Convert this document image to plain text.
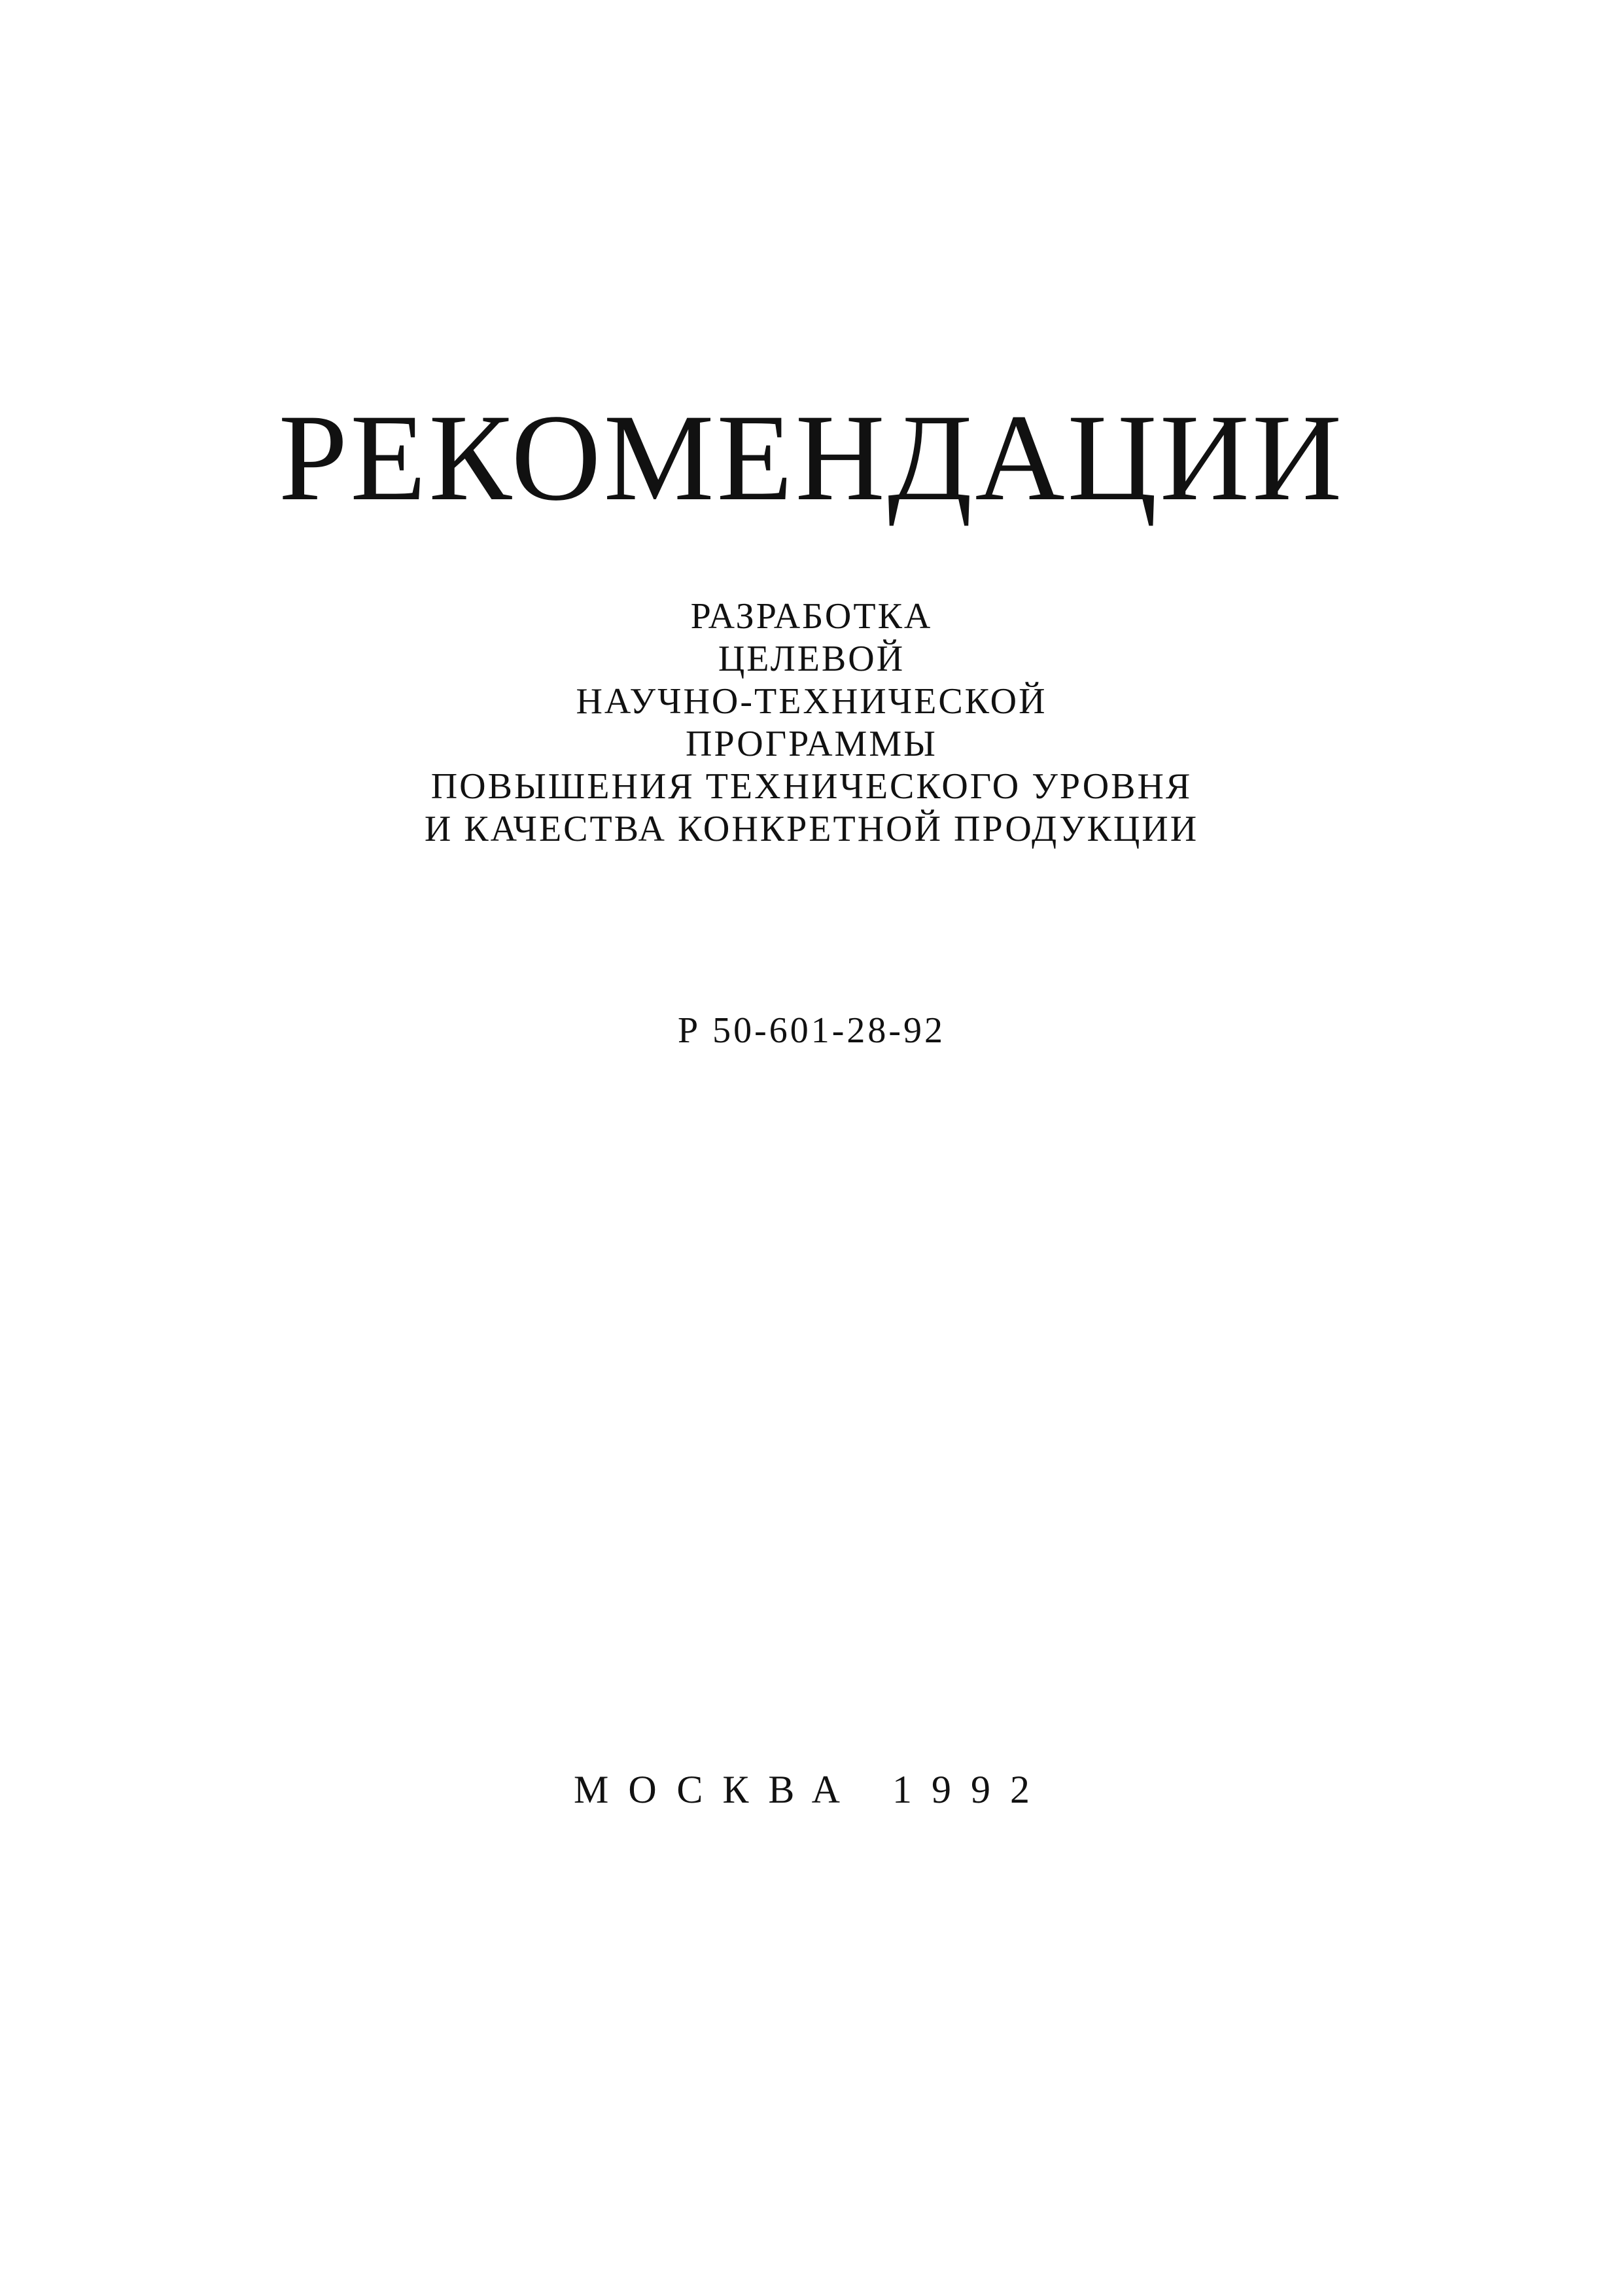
РЕКОМЕНДАЦИИ
РАЗРАБОТКА
ЦЕЛЕВОЙ
НАУЧНО-ТЕХНИЧЕСКОЙ
ПРОГРАММЫ
ПОВЫШЕНИЯ ТЕХНИЧЕСКОГО УРОВНЯ
И КАЧЕСТВА КОНКРЕТНОЙ ПРОДУКЦИИ
Р 50-601-28-92
МОСКВА 1992
